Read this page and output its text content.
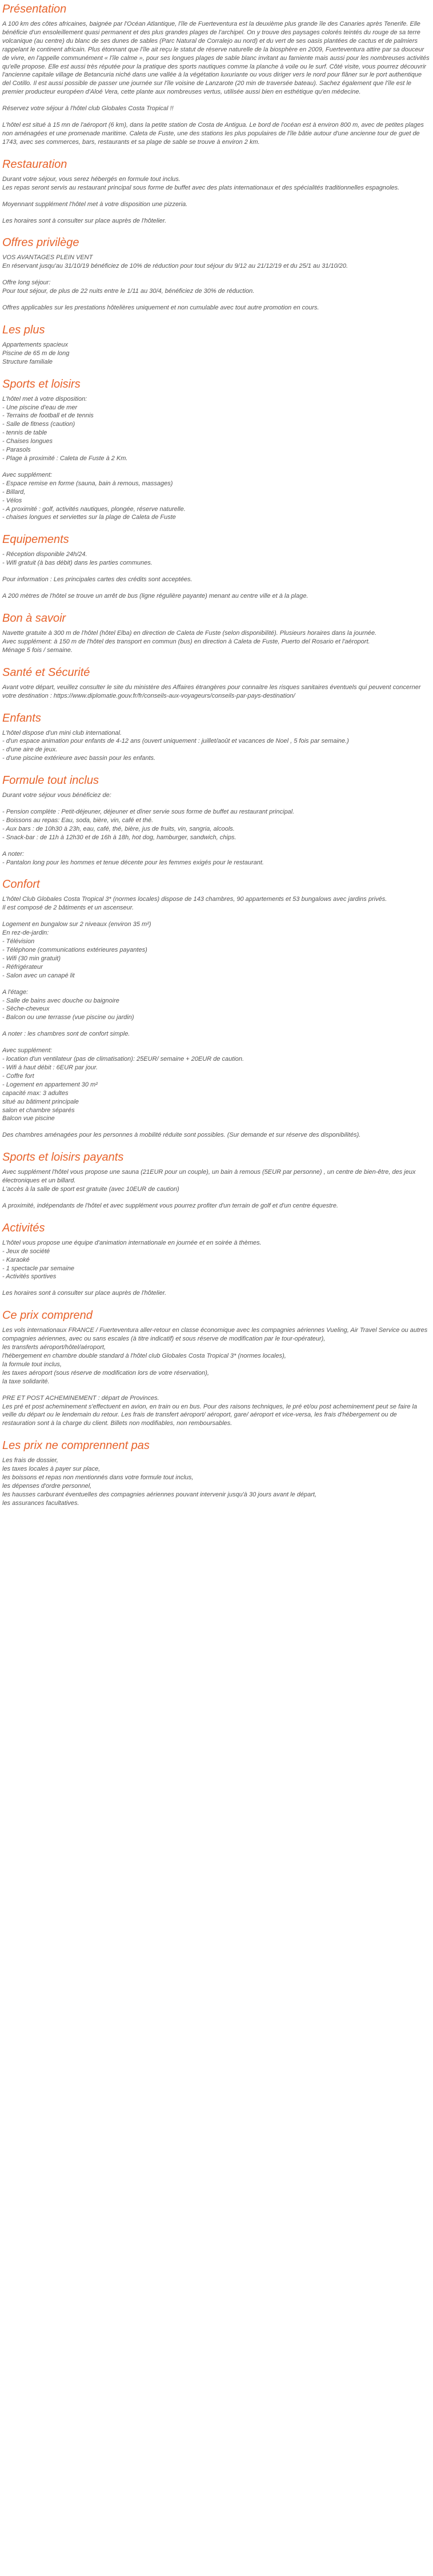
Présentation

A 100 km des côtes africaines, baignée par l'Océan Atlantique, l'île de Fuerteventura est la deuxième plus grande île des Canaries après Tenerife. Elle bénéficie d'un ensoleillement quasi permanent et des plus grandes plages de l'archipel. On y trouve des paysages colorés teintés du rouge de sa terre volcanique (au centre) du blanc de ses dunes de sables (Parc Natural de Corralejo au nord) et du vert de ses oasis plantées de cactus et de palmiers rappelant le continent africain. Plus étonnant que l'île ait reçu le statut de réserve naturelle de la biosphère en 2009, Fuerteventura attire par sa douceur de vivre, en l'appelle communément « l'île calme », pour ses longues plages de sable blanc invitant au farniente mais aussi pour les nombreuses activités qu'elle propose. Elle est aussi très réputée pour la pratique des sports nautiques comme la planche à voile ou le surf. Côté visite, vous pourrez découvrir l'ancienne capitale village de Betancuria niché dans une vallée à la végétation luxuriante ou vous diriger vers le nord pour flâner sur le port authentique del Cotillo. Il est aussi possible de passer une journée sur l'île voisine de Lanzarote (20 min de traversée bateau). Sachez également que l'île est le premier producteur européen d'Aloé Vera, cette plante aux nombreuses vertus, utilisée aussi bien en esthétique qu'en médecine.

Réservez votre séjour à l'hôtel club Globales Costa Tropical !!

L'hôtel est situé à 15 mn de l'aéroport (6 km), dans la petite station de Costa de Antigua. Le bord de l'océan est à environ 800 m, avec de petites plages non aménagées et une promenade maritime. Caleta de Fuste, une des stations les plus populaires de l'île bâtie autour d'une ancienne tour de guet de 1743, avec ses commerces, bars, restaurants et sa plage de sable se trouve à environ 2 km.

Restauration

Durant votre séjour, vous serez hébergés en formule tout inclus.
Les repas seront servis au restaurant principal sous forme de buffet avec des plats internationaux et des spécialités traditionnelles espagnoles.

Moyennant supplément l'hôtel met à votre disposition une pizzeria.

Les horaires sont à consulter sur place auprès de l'hôtelier.

Offres privilège

VOS AVANTAGES PLEIN VENT
En réservant jusqu'au 31/10/19 bénéficiez de 10% de réduction pour tout séjour du 9/12 au 21/12/19 et du 25/1 au 31/10/20.

Offre long séjour:
Pour tout séjour, de plus de 22 nuits entre le 1/11 au 30/4, bénéficiez de 30% de réduction.

Offres applicables sur les prestations hôtelières uniquement et non cumulable avec tout autre promotion en cours.

Les plus

Appartements spacieux
Piscine de 65 m de long
Structure familiale

Sports et loisirs

L'hôtel met à votre disposition:
- Une piscine d'eau de mer
- Terrains de football et de tennis
- Salle de fitness (caution)
- tennis de table
- Chaises longues
- Parasols
- Plage à proximité : Caleta de Fuste à 2 Km.

Avec supplément:
- Espace remise en forme (sauna, bain à remous, massages)
- Billard,
- Vélos
- A proximité : golf, activités nautiques, plongée, réserve naturelle.
- chaises longues et serviettes sur la plage de Caleta de Fuste

Equipements

- Réception disponible 24h/24.
- Wifi gratuit (à bas débit) dans les parties communes.

Pour information : Les principales cartes des crédits sont acceptées.

A 200 mètres de l'hôtel se trouve un arrêt de bus (ligne régulière payante) menant au centre ville et à la plage.

Bon à savoir

Navette gratuite à 300 m de l'hôtel (hôtel Elba) en direction de Caleta de Fuste (selon disponibilité). Plusieurs horaires dans la journée.
Avec supplément: à 150 m de l'hôtel des transport en commun (bus) en direction à Caleta de Fuste, Puerto del Rosario et l'aéroport.
Ménage 5 fois / semaine.

Santé et Sécurité

Avant votre départ, veuillez consulter le site du ministère des Affaires étrangères pour connaitre les risques sanitaires éventuels qui peuvent concerner votre destination : https://www.diplomatie.gouv.fr/fr/conseils-aux-voyageurs/conseils-par-pays-destination/

Enfants

L'hôtel dispose d'un mini club international.
- d'un espace animation pour enfants de 4-12 ans (ouvert uniquement : juillet/août et vacances de Noel , 5 fois par semaine.)
- d'une aire de jeux.
- d'une piscine extérieure avec bassin pour les enfants.

Formule tout inclus

Durant votre séjour vous bénéficiez de:

- Pension complète : Petit-déjeuner, déjeuner et dîner servie sous forme de buffet au restaurant principal.
- Boissons au repas: Eau, soda, bière, vin, café et thé.
- Aux bars : de 10h30 à 23h, eau, café, thé, bière, jus de fruits, vin, sangria, alcools.
- Snack-bar : de 11h à 12h30 et de 16h à 18h, hot dog, hamburger, sandwich, chips.

A noter:
- Pantalon long pour les hommes et tenue décente pour les femmes exigés pour le restaurant.

Confort

L'hôtel Club Globales Costa Tropical 3* (normes locales) dispose de 143 chambres, 90 appartements et 53 bungalows avec jardins privés.
Il est composé de 2 bâtiments et un ascenseur.

Logement en bungalow sur 2 niveaux (environ 35 m²)
En rez-de-jardin:
- Télévision
- Téléphone (communications extérieures payantes)
- Wifi (30 min gratuit)
- Réfrigérateur
- Salon avec un canapé lit

A l'étage:
- Salle de bains avec douche ou baignoire
- Sèche-cheveux
- Balcon ou une terrasse (vue piscine ou jardin)

A noter : les chambres sont de confort simple.

Avec supplément:
- location d'un ventilateur (pas de climatisation): 25EUR/ semaine + 20EUR de caution.
- Wifi à haut débit : 6EUR par jour.
- Coffre fort
- Logement en appartement 30 m²
capacité max: 3 adultes
situé au bâtiment principale
salon et chambre séparés
Balcon vue piscine

Des chambres aménagées pour les personnes à mobilité réduite sont possibles. (Sur demande et sur réserve des disponibilités).

Sports et loisirs payants

Avec supplément l'hôtel vous propose une sauna (21EUR pour un couple), un bain à remous (5EUR par personne) , un centre de bien-être, des jeux électroniques et un billard.
L'accès à la salle de sport est gratuite (avec 10EUR de caution)

A proximité, indépendants de l'hôtel et avec supplément vous pourrez profiter d'un terrain de golf et d'un centre équestre.

Activités

L'hôtel vous propose une équipe d'animation internationale en journée et en soirée à thèmes.
- Jeux de société
- Karaoké
- 1 spectacle par semaine
- Activités sportives

Les horaires sont à consulter sur place auprès de l'hôtelier.

Ce prix comprend

Les vols internationaux FRANCE / Fuerteventura aller-retour en classe économique avec les compagnies aériennes Vueling, Air Travel Service ou autres compagnies aériennes, avec ou sans escales (à titre indicatif) et sous réserve de modification par le tour-opérateur),
les transferts aéroport/hôtel/aéroport,
l'hébergement en chambre double standard à l'hôtel club Globales Costa Tropical 3* (normes locales),
la formule tout inclus,
les taxes aéroport (sous réserve de modification lors de votre réservation),
la taxe solidarité.

PRE ET POST ACHEMINEMENT : départ de Provinces.
Les pré et post acheminement s'effectuent en avion, en train ou en bus. Pour des raisons techniques, le pré et/ou post acheminement peut se faire la veille du départ ou le lendemain du retour. Les frais de transfert aéroport/ aéroport, gare/ aéroport et vice-versa, les frais d'hébergement ou de restauration sont à la charge du client. Billets non modifiables, non remboursables.

Les prix ne comprennent pas

Les frais de dossier,
les taxes locales à payer sur place,
les boissons et repas non mentionnés dans votre formule tout inclus,
les dépenses d'ordre personnel,
les hausses carburant éventuelles des compagnies aériennes pouvant intervenir jusqu'à 30 jours avant le départ,
les assurances facultatives.
